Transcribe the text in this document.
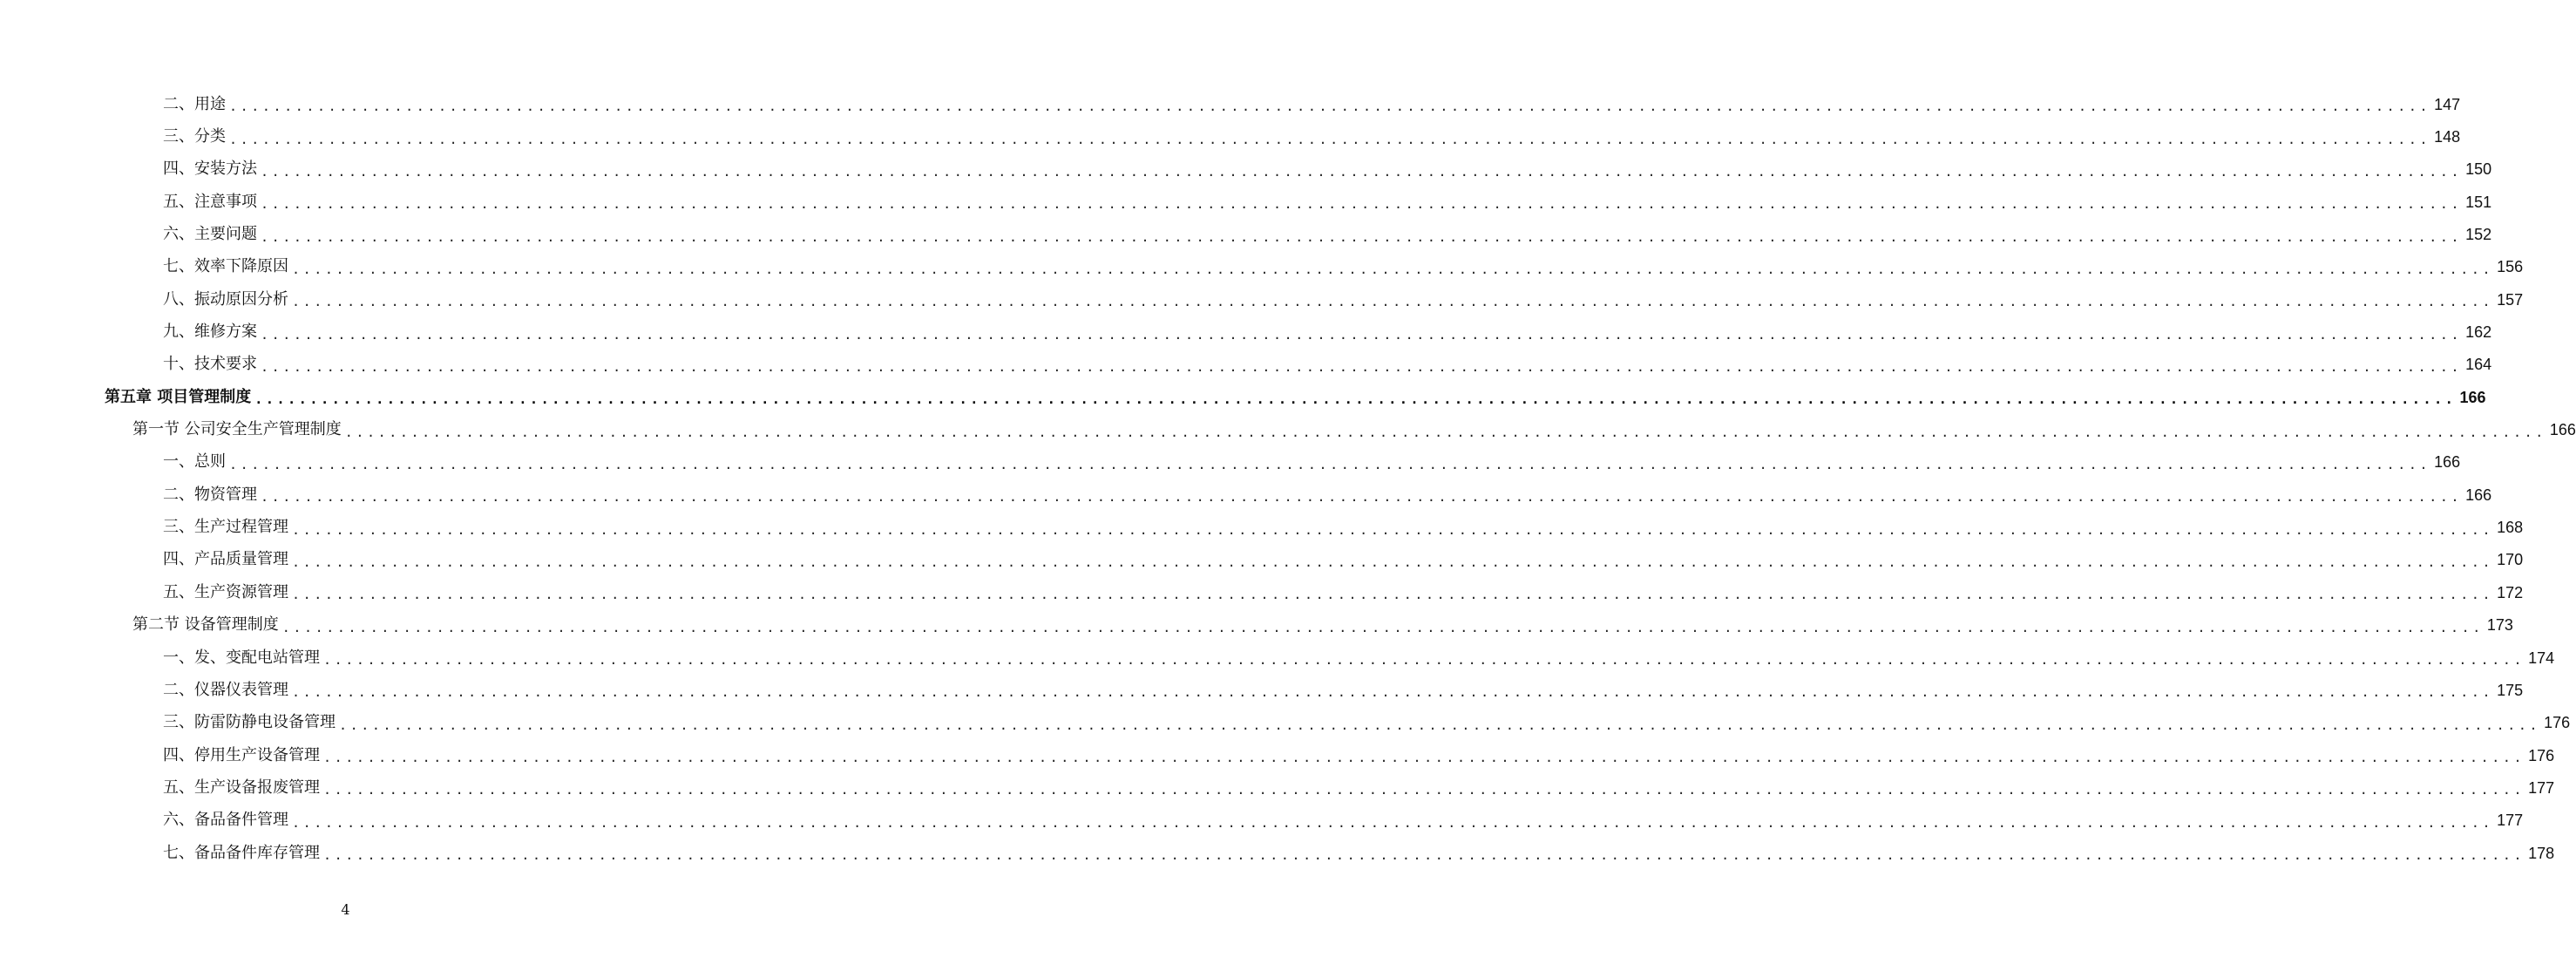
二、用途 ........................................................................................................................................................................................................ 147
三、分类 ........................................................................................................................................................................................................ 148
四、安装方法 ........................................................................................................................................................................................................ 150
五、注意事项 ........................................................................................................................................................................................................ 151
六、主要问题 ........................................................................................................................................................................................................ 152
七、效率下降原因 ........................................................................................................................................................................................................ 156
八、振动原因分析 ........................................................................................................................................................................................................ 157
九、维修方案 ........................................................................................................................................................................................................ 162
十、技术要求 ........................................................................................................................................................................................................ 164
第五章 项目管理制度 ........................................................................................................................................................................................................ 166
第一节 公司安全生产管理制度 ........................................................................................................................................................................................................ 166
一、总则 ........................................................................................................................................................................................................ 166
二、物资管理 ........................................................................................................................................................................................................ 166
三、生产过程管理 ........................................................................................................................................................................................................ 168
四、产品质量管理 ........................................................................................................................................................................................................ 170
五、生产资源管理 ........................................................................................................................................................................................................ 172
第二节 设备管理制度 ........................................................................................................................................................................................................ 173
一、发、变配电站管理 ........................................................................................................................................................................................................ 174
二、仪器仪表管理 ........................................................................................................................................................................................................ 175
三、防雷防静电设备管理 ........................................................................................................................................................................................................ 176
四、停用生产设备管理 ........................................................................................................................................................................................................ 176
五、生产设备报废管理 ........................................................................................................................................................................................................ 177
六、备品备件管理 ........................................................................................................................................................................................................ 177
七、备品备件库存管理 ........................................................................................................................................................................................................ 178
4
